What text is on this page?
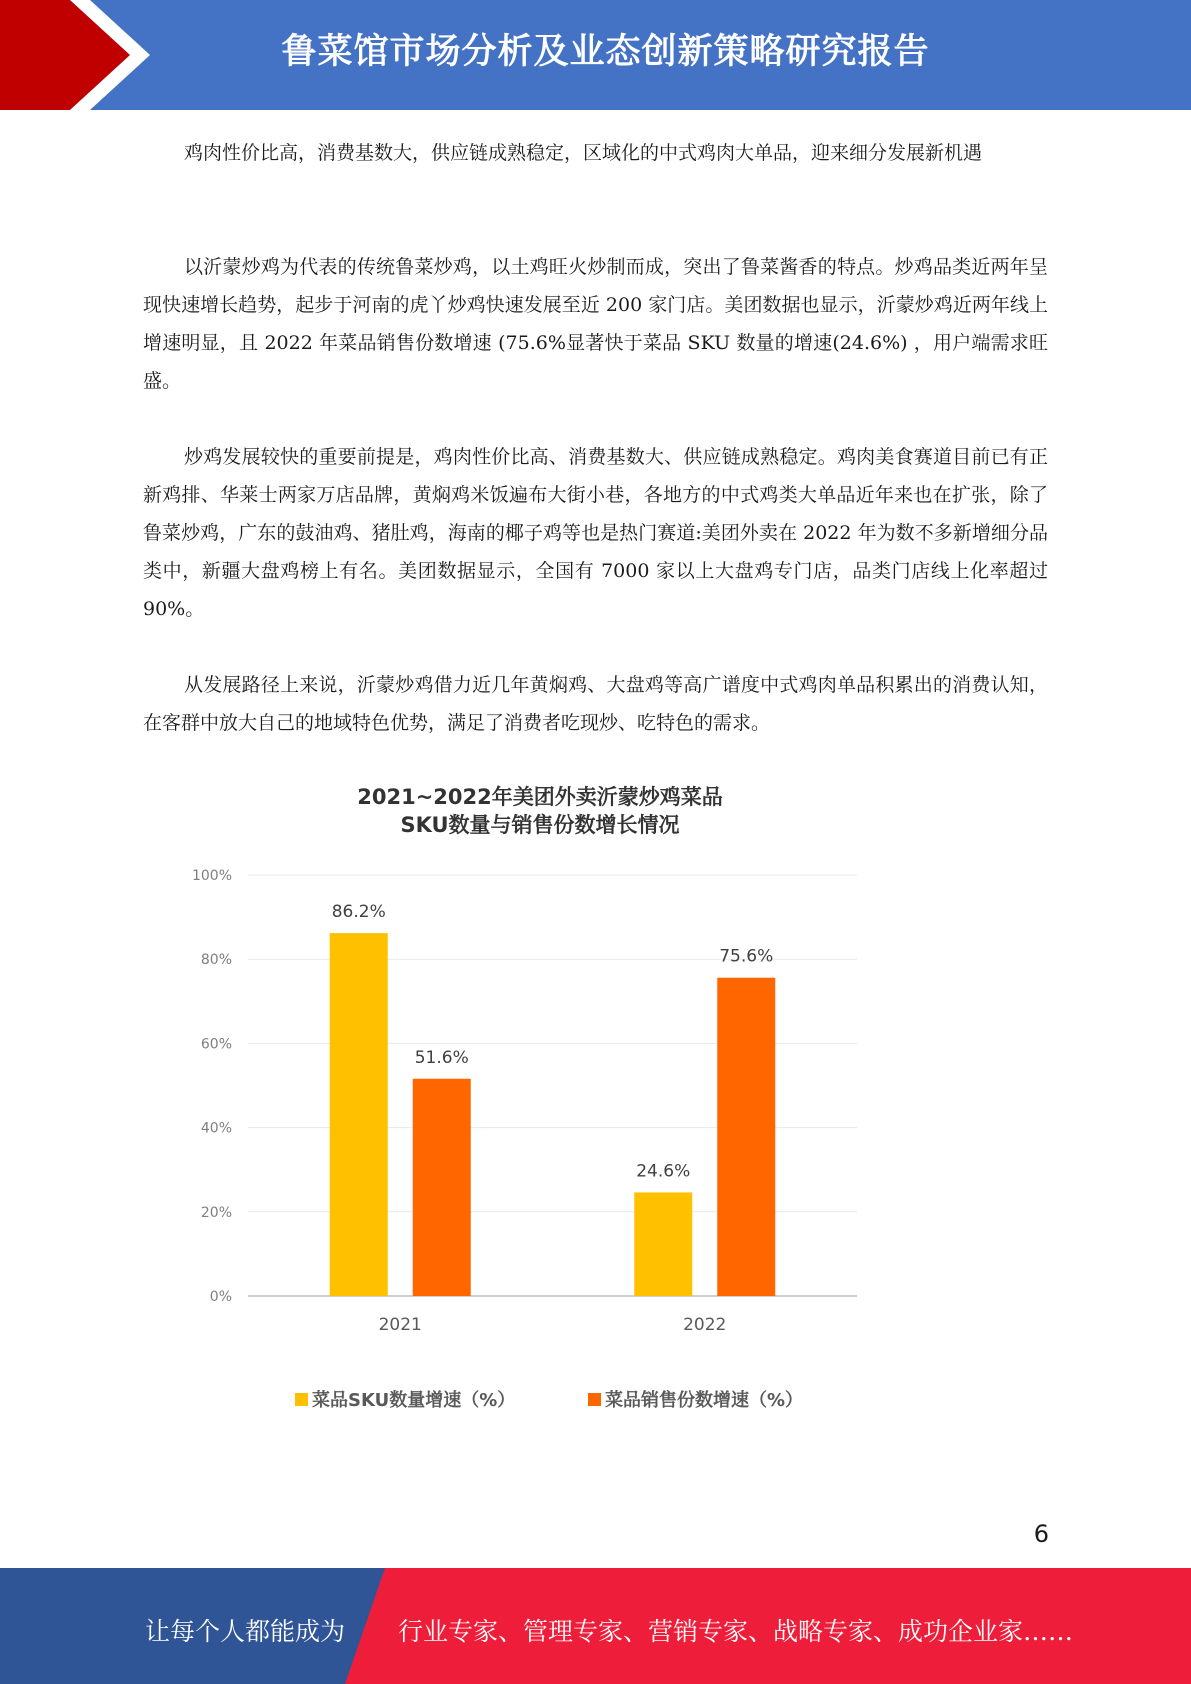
鲁菜馆市场分析及业态创新策略研究报告

鸡肉性价比高，消费基数大，供应链成熟稳定，区域化的中式鸡肉大单品，迎来细分发展新机遇

以沂蒙炒鸡为代表的传统鲁菜炒鸡，以土鸡旺火炒制而成，突出了鲁菜酱香的特点。炒鸡品类近两年呈现快速增长趋势，起步于河南的虎丫炒鸡快速发展至近 200 家门店。美团数据也显示，沂蒙炒鸡近两年线上增速明显，且 2022 年菜品销售份数增速 (75.6%显著快于菜品 SKU 数量的增速(24.6%) ，用户端需求旺盛。

炒鸡发展较快的重要前提是，鸡肉性价比高、消费基数大、供应链成熟稳定。鸡肉美食赛道目前已有正新鸡排、华莱士两家万店品牌，黄焖鸡米饭遍布大街小巷，各地方的中式鸡类大单品近年来也在扩张，除了鲁菜炒鸡，广东的鼓油鸡、猪肚鸡，海南的椰子鸡等也是热门赛道:美团外卖在 2022 年为数不多新增细分品类中，新疆大盘鸡榜上有名。美团数据显示，全国有 7000 家以上大盘鸡专门店，品类门店线上化率超过 90%。

从发展路径上来说，沂蒙炒鸡借力近几年黄焖鸡、大盘鸡等高广谱度中式鸡肉单品积累出的消费认知，在客群中放大自己的地域特色优势，满足了消费者吃现炒、吃特色的需求。

2021~2022年美团外卖沂蒙炒鸡菜品
SKU数量与销售份数增长情况
0%
20%
40%
60%
80%
100%
86.2%
51.6%
24.6%
75.6%
2021	2022
菜品SKU数量增速（%）	菜品销售份数增速（%）
6
让每个人都能成为 行业专家、管理专家、营销专家、战略专家、成功企业家……
